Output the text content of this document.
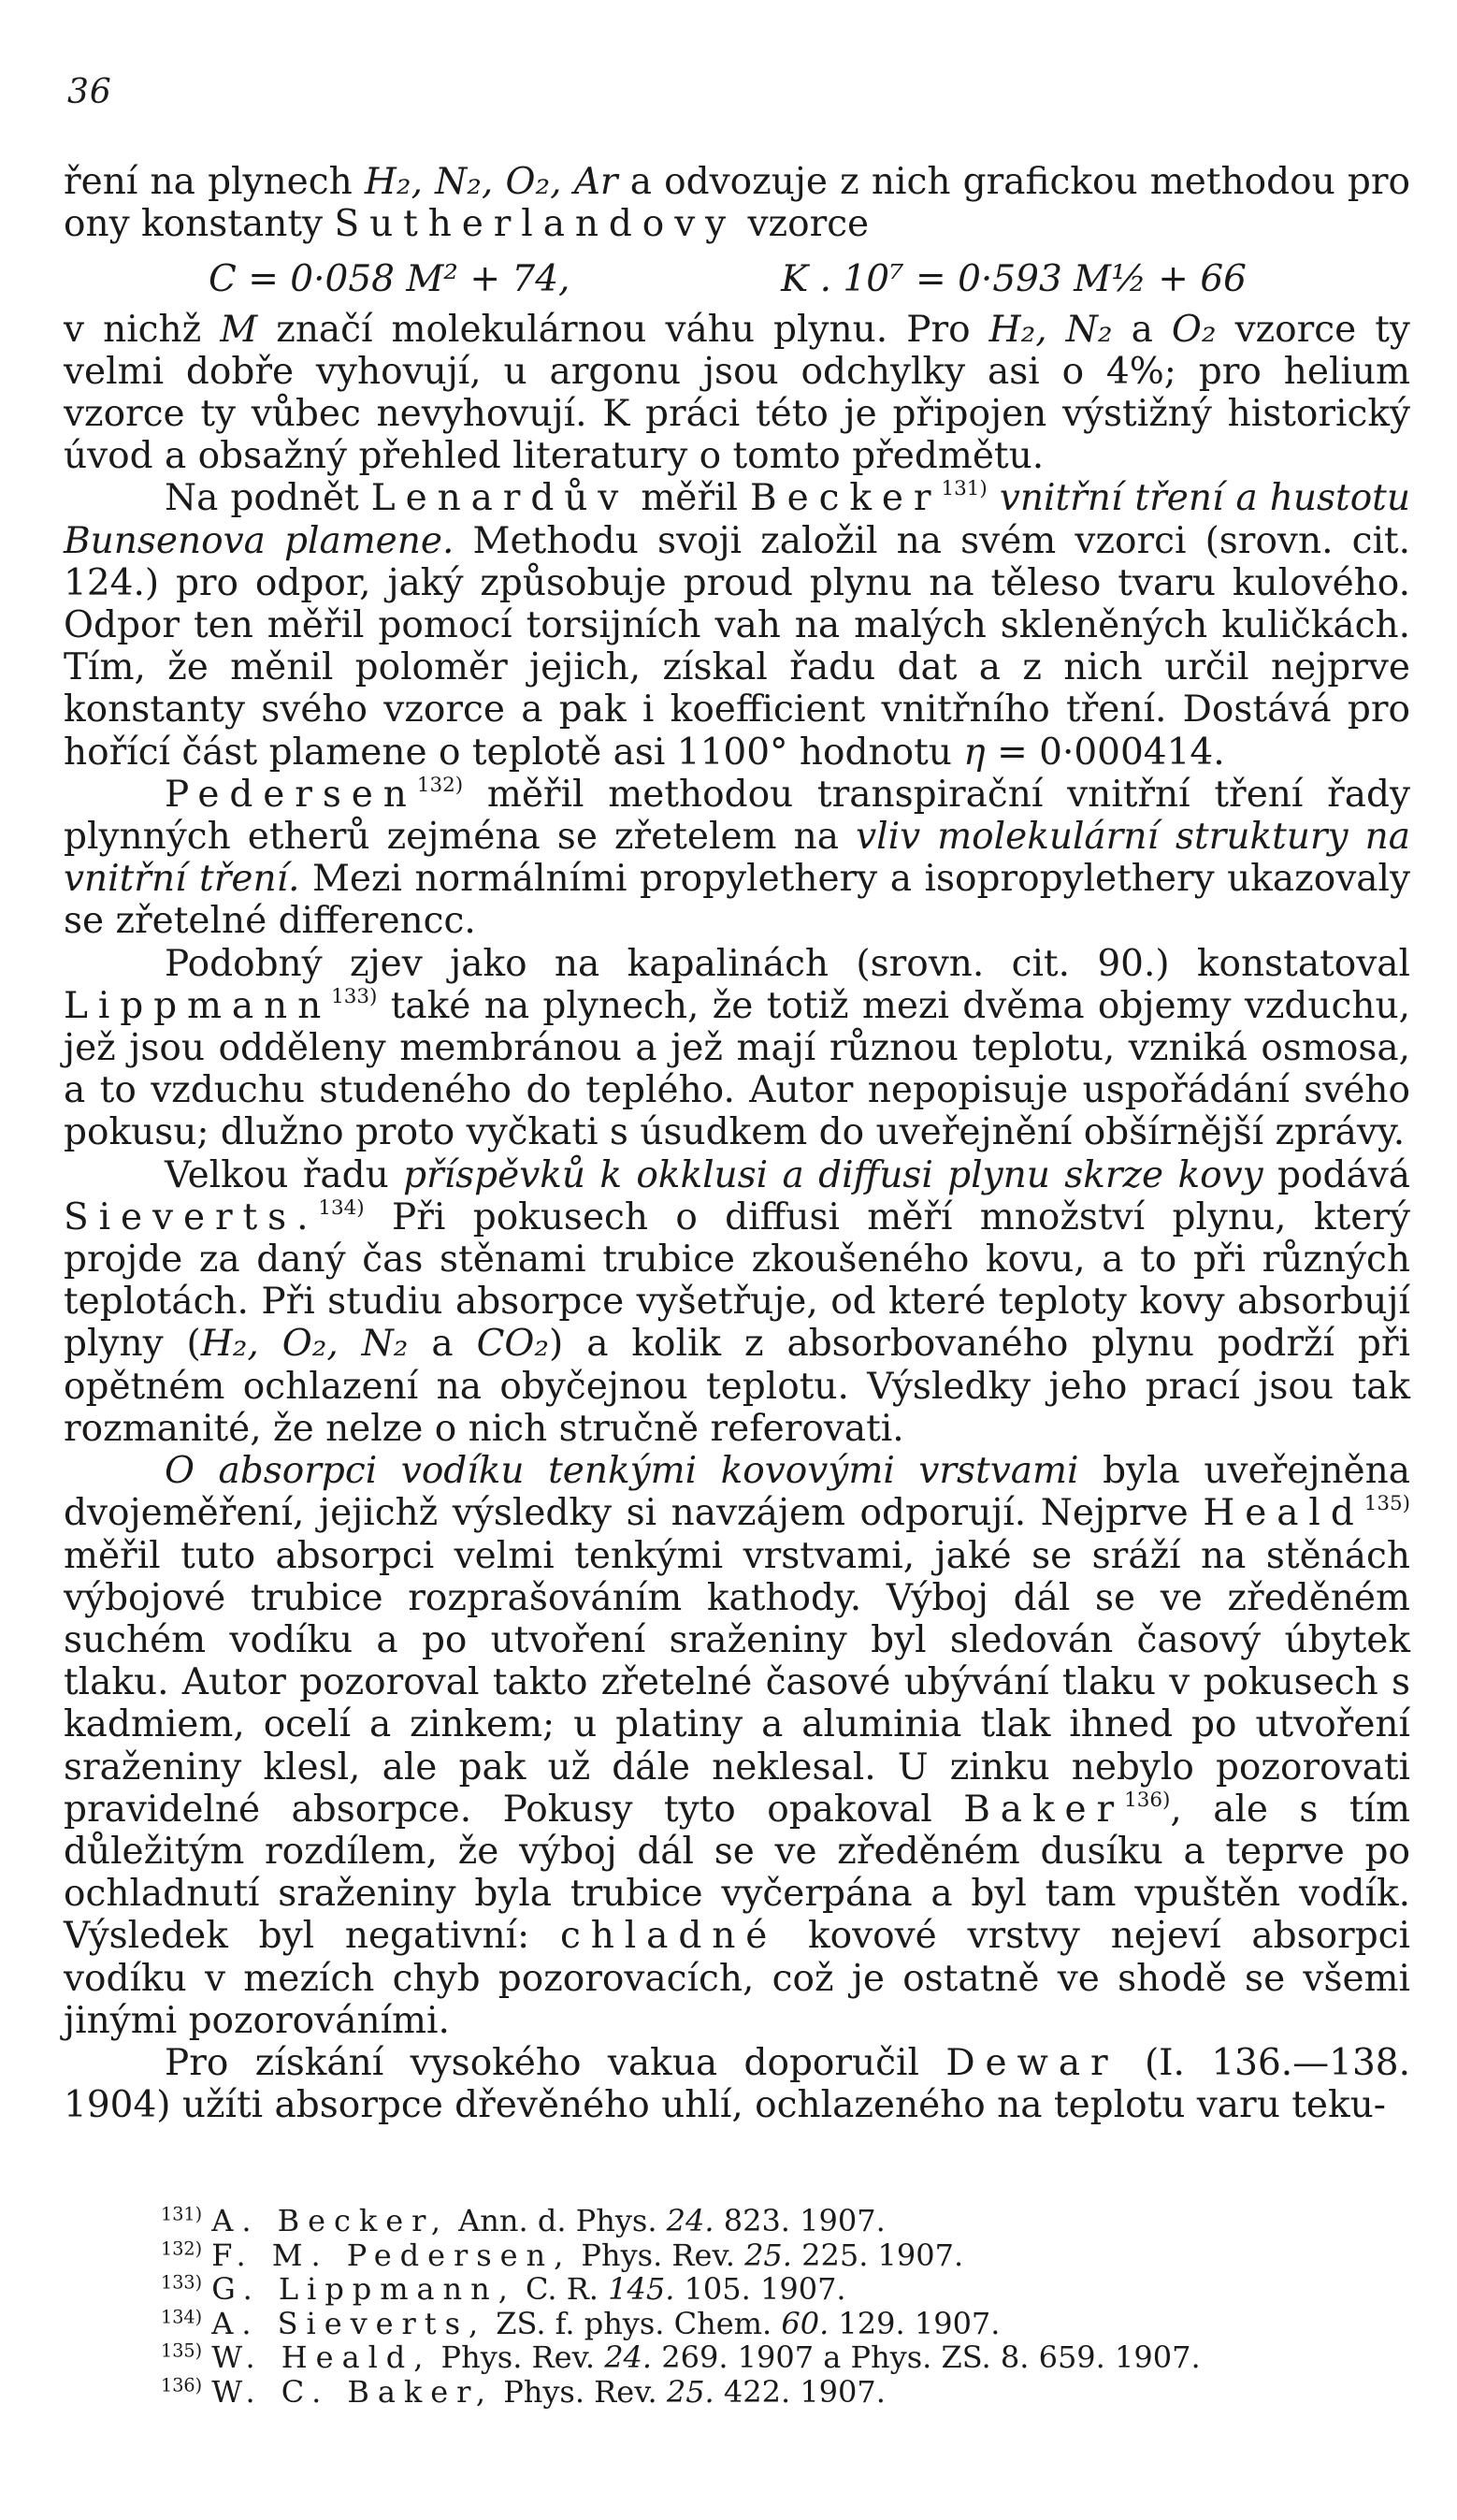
36

ření na plynech H₂, N₂, O₂, Ar a odvozuje z nich grafickou methodou pro ony konstanty Sutherlandovy vzorce

C = 0·058 M² + 74,	K . 10⁷ = 0·593 M½ + 66

v nichž M značí molekulárnou váhu plynu. Pro H₂, N₂ a O₂ vzorce ty velmi dobře vyhovují, u argonu jsou odchylky asi o 4%; pro helium vzorce ty vůbec nevyhovují. K práci této je připojen výstižný historický úvod a obsažný přehled literatury o tomto předmětu.

Na podnět Lenardův měřil Becker$^{131)}$ vnitřní tření a hustotu Bunsenova plamene. Methodu svoji založil na svém vzorci (srovn. cit. 124.) pro odpor, jaký způsobuje proud plynu na těleso tvaru kulového. Odpor ten měřil pomocí torsijních vah na malých skleněných kuličkách. Tím, že měnil poloměr jejich, získal řadu dat a z nich určil nejprve konstanty svého vzorce a pak i koefficient vnitřního tření. Dostává pro hořící část plamene o teplotě asi 1100° hodnotu η = 0·000414.

Pedersen$^{132)}$ měřil methodou transpirační vnitřní tření řady plynných etherů zejména se zřetelem na vliv molekulární struktury na vnitřní tření. Mezi normálními propylethery a isopropylethery ukazovaly se zřetelné differencc.

Podobný zjev jako na kapalinách (srovn. cit. 90.) konstatoval Lippmann$^{133)}$ také na plynech, že totiž mezi dvěma objemy vzduchu, jež jsou odděleny membránou a jež mají různou teplotu, vzniká osmosa, a to vzduchu studeného do teplého. Autor nepopisuje uspořádání svého pokusu; dlužno proto vyčkati s úsudkem do uveřejnění obšírnější zprávy.

Velkou řadu příspěvků k okklusi a diffusi plynu skrze kovy podává Sieverts.$^{134)}$ Při pokusech o diffusi měří množství plynu, který projde za daný čas stěnami trubice zkoušeného kovu, a to při různých teplotách. Při studiu absorpce vyšetřuje, od které teploty kovy absorbují plyny (H₂, O₂, N₂ a CO₂) a kolik z absorbovaného plynu podrží při opětném ochlazení na obyčejnou teplotu. Výsledky jeho prací jsou tak rozmanité, že nelze o nich stručně referovati.

O absorpci vodíku tenkými kovovými vrstvami byla uveřejněna dvojeměření, jejichž výsledky si navzájem odporují. Nejprve Heald$^{135)}$ měřil tuto absorpci velmi tenkými vrstvami, jaké se sráží na stěnách výbojové trubice rozprašováním kathody. Výboj dál se ve zředěném suchém vodíku a po utvoření sraženiny byl sledován časový úbytek tlaku. Autor pozoroval takto zřetelné časové ubývání tlaku v pokusech s kadmiem, ocelí a zinkem; u platiny a aluminia tlak ihned po utvoření sraženiny klesl, ale pak už dále neklesal. U zinku nebylo pozorovati pravidelné absorpce. Pokusy tyto opakoval Baker$^{136)}$, ale s tím důležitým rozdílem, že výboj dál se ve zředěném dusíku a teprve po ochladnutí sraženiny byla trubice vyčerpána a byl tam vpuštěn vodík. Výsledek byl negativní: chladné kovové vrstvy nejeví absorpci vodíku v mezích chyb pozorovacích, což je ostatně ve shodě se všemi jinými pozorováními.

Pro získání vysokého vakua doporučil Dewar (I. 136.—138. 1904) užíti absorpce dřevěného uhlí, ochlazeného na teplotu varu teku-

$^{131)}$ A. Becker, Ann. d. Phys. 24. 823. 1907.
$^{132)}$ F. M. Pedersen, Phys. Rev. 25. 225. 1907.
$^{133)}$ G. Lippmann, C. R. 145. 105. 1907.
$^{134)}$ A. Sieverts, ZS. f. phys. Chem. 60. 129. 1907.
$^{135)}$ W. Heald, Phys. Rev. 24. 269. 1907 a Phys. ZS. 8. 659. 1907.
$^{136)}$ W. C. Baker, Phys. Rev. 25. 422. 1907.
